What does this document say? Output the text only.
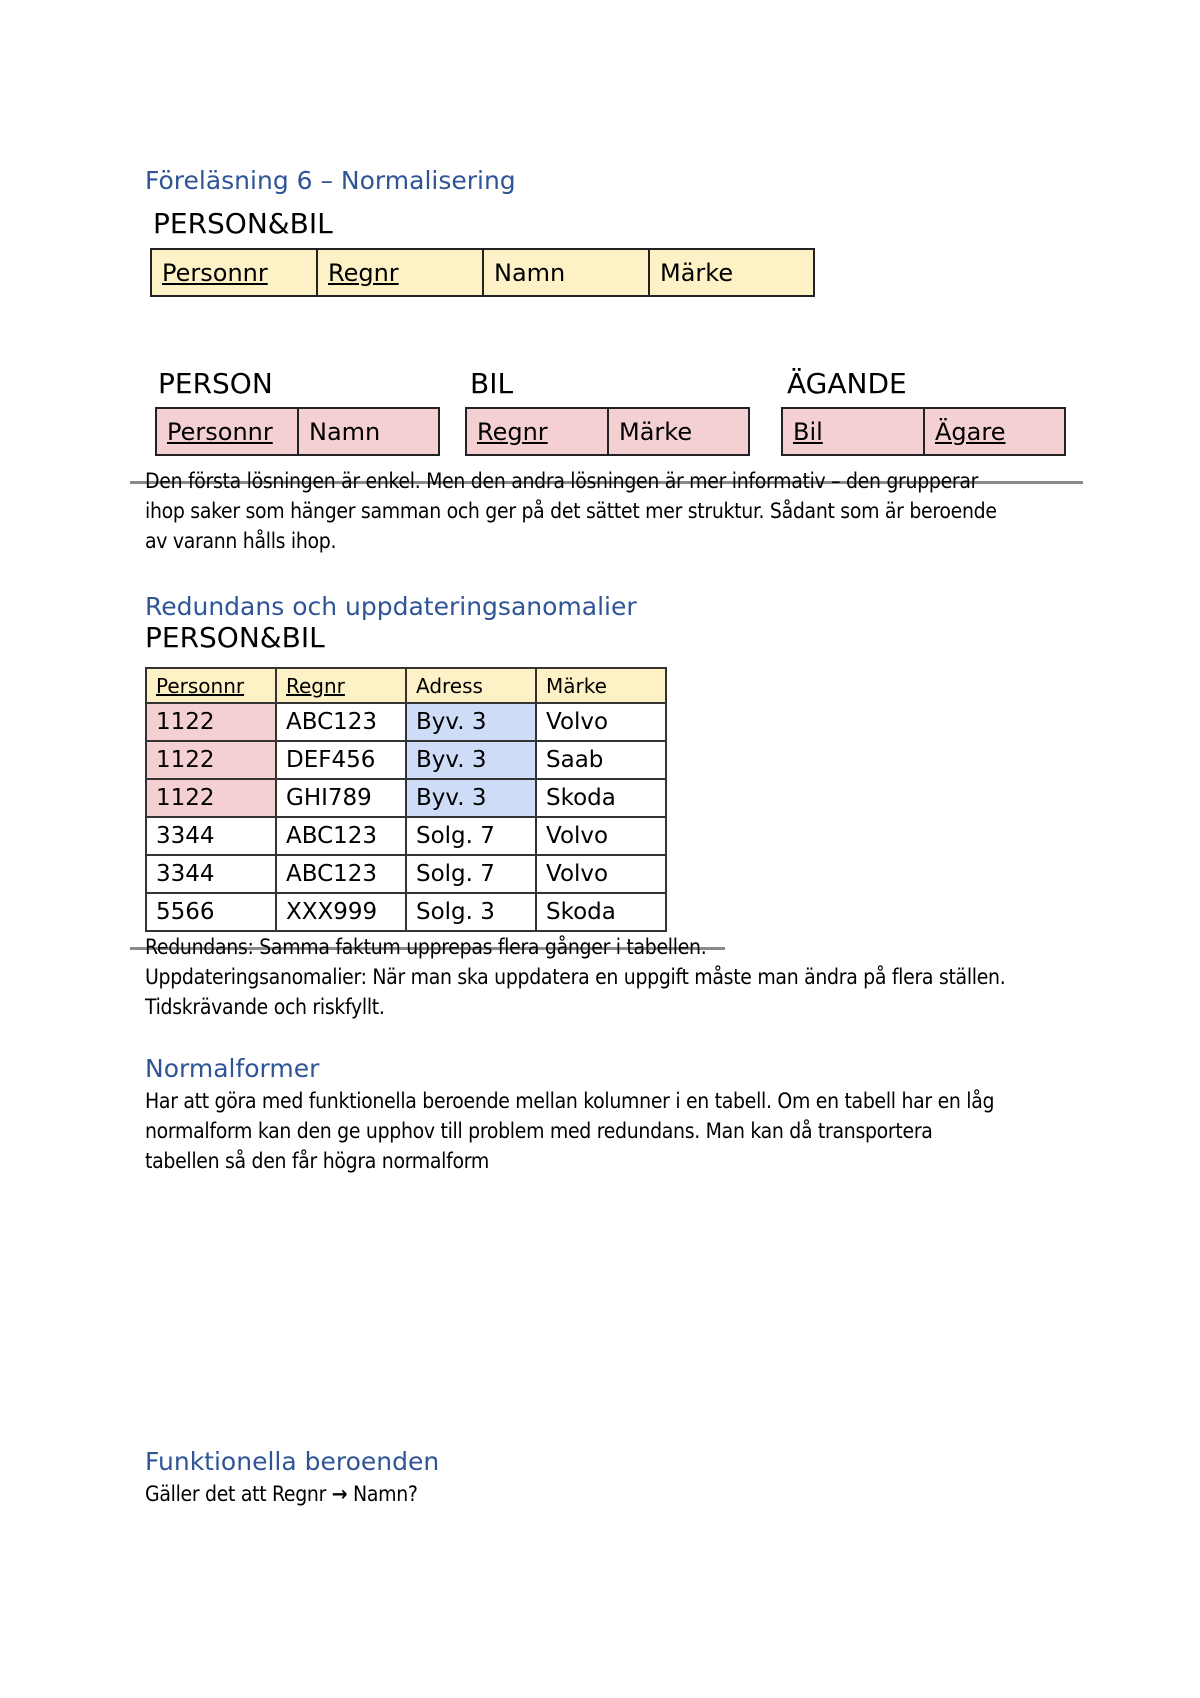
Föreläsning 6 – Normalisering
PERSON&BIL
Personnr	Regnr	Namn	Märke
PERSON
Personnr Namn
BIL
Regnr	Märke
ÄGANDE
Bil	Ägare
Den första lösningen är enkel. Men den andra lösningen är mer informativ – den grupperar
ihop saker som hänger samman och ger på det sättet mer struktur. Sådant som är beroende
av varann hålls ihop.
Redundans och uppdateringsanomalier
PERSON&BIL
Personnr	Regnr	Adress	Märke
1122	ABC123	Byv. 3	Volvo
1122	DEF456	Byv. 3	Saab
1122	GHI789	Byv. 3	Skoda
3344	ABC123	Solg. 7	Volvo
3344	ABC123	Solg. 7	Volvo
5566	XXX999	Solg. 3	Skoda
Redundans: Samma faktum upprepas flera gånger i tabellen.
Uppdateringsanomalier: När man ska uppdatera en uppgift måste man ändra på flera ställen.
Tidskrävande och riskfyllt.
Normalformer
Har att göra med funktionella beroende mellan kolumner i en tabell. Om en tabell har en låg
normalform kan den ge upphov till problem med redundans. Man kan då transportera
tabellen så den får högra normalform
Funktionella beroenden
Gäller det att Regnr → Namn?
